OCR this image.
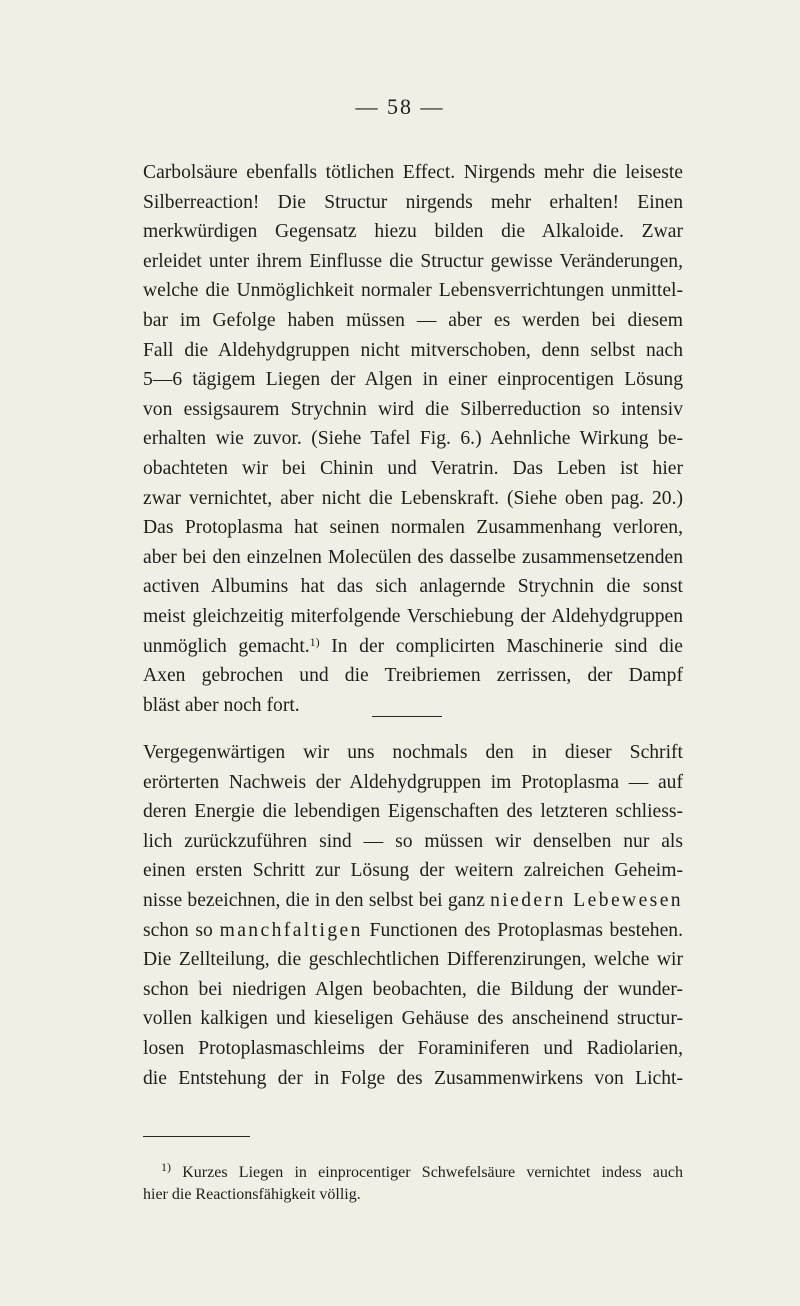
— 58 —
Carbolsäure ebenfalls tötlichen Effect. Nirgends mehr die leiseste
Silberreaction! Die Structur nirgends mehr erhalten! Einen
merkwürdigen Gegensatz hiezu bilden die Alkaloide. Zwar
erleidet unter ihrem Einflusse die Structur gewisse Veränderungen,
welche die Unmöglichkeit normaler Lebensverrichtungen unmittel-
bar im Gefolge haben müssen — aber es werden bei diesem
Fall die Aldehydgruppen nicht mitverschoben, denn selbst nach
5—6 tägigem Liegen der Algen in einer einprocentigen Lösung
von essigsaurem Strychnin wird die Silberreduction so intensiv
erhalten wie zuvor. (Siehe Tafel Fig. 6.) Aehnliche Wirkung be-
obachteten wir bei Chinin und Veratrin. Das Leben ist hier
zwar vernichtet, aber nicht die Lebenskraft. (Siehe oben pag. 20.)
Das Protoplasma hat seinen normalen Zusammenhang verloren,
aber bei den einzelnen Molecülen des dasselbe zusammensetzenden
activen Albumins hat das sich anlagernde Strychnin die sonst
meist gleichzeitig miterfolgende Verschiebung der Aldehydgruppen
unmöglich gemacht.$^{1)}$ In der complicirten Maschinerie sind die
Axen gebrochen und die Treibriemen zerrissen, der Dampf
bläst aber noch fort.
Vergegenwärtigen wir uns nochmals den in dieser Schrift
erörterten Nachweis der Aldehydgruppen im Protoplasma — auf
deren Energie die lebendigen Eigenschaften des letzteren schliess-
lich zurückzuführen sind — so müssen wir denselben nur als
einen ersten Schritt zur Lösung der weitern zalreichen Geheim-
nisse bezeichnen, die in den selbst bei ganz niedern Lebewesen
schon so manchfaltigen Functionen des Protoplasmas bestehen.
Die Zellteilung, die geschlechtlichen Differenzirungen, welche wir
schon bei niedrigen Algen beobachten, die Bildung der wunder-
vollen kalkigen und kieseligen Gehäuse des anscheinend structur-
losen Protoplasmaschleims der Foraminiferen und Radiolarien,
die Entstehung der in Folge des Zusammenwirkens von Licht-
$^{1)}$ Kurzes Liegen in einprocentiger Schwefelsäure vernichtet indess auch
hier die Reactionsfähigkeit völlig.
